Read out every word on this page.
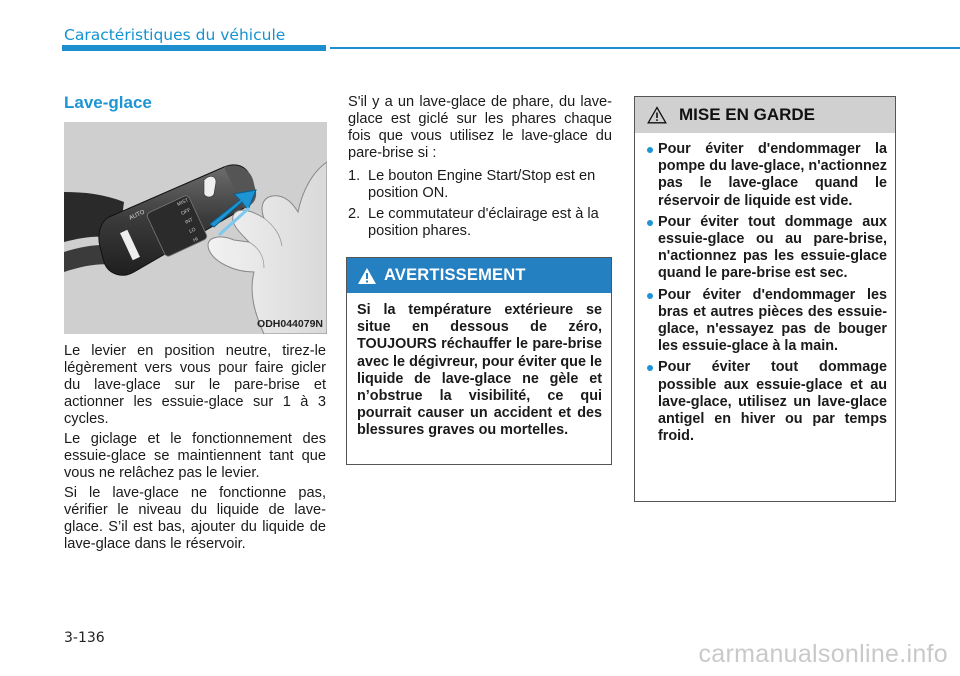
Caractéristiques du véhicule
Lave-glace
AUTO
MIST
OFF
INT
LO
HI
ODH044079N
Le levier en position neutre, tirez-le légèrement vers vous pour faire gicler du lave-glace sur le pare-brise et actionner les essuie-glace sur 1 à 3 cycles.
Le giclage et le fonctionnement des essuie-glace se maintiennent tant que vous ne relâchez pas le levier.
Si le lave-glace ne fonctionne pas, vérifier le niveau du liquide de lave-glace. S’il est bas, ajouter du liquide de lave-glace dans le réservoir.
S'il y a un lave-glace de phare, du lave-glace est giclé sur les phares chaque fois que vous utilisez le lave-glace du pare-brise si :
1. Le bouton Engine Start/Stop est en position ON.
2. Le commutateur d'éclairage est à la position phares.
AVERTISSEMENT
Si la température extérieure se situe en dessous de zéro, TOUJOURS réchauffer le pare-brise avec le dégivreur, pour éviter que le liquide de lave-glace ne gèle et n’obstrue la visibilité, ce qui pourrait causer un accident et des blessures graves ou mortelles.
MISE EN GARDE
Pour éviter d'endommager la pompe du lave-glace, n'actionnez pas le lave-glace quand le réservoir de liquide est vide.
Pour éviter tout dommage aux essuie-glace ou au pare-brise, n'actionnez pas les essuie-glace quand le pare-brise est sec.
Pour éviter d'endommager les bras et autres pièces des essuie-glace, n'essayez pas de bouger les essuie-glace à la main.
Pour éviter tout dommage possible aux essuie-glace et au lave-glace, utilisez un lave-glace antigel en hiver ou par temps froid.
3-136
carmanualsonline.info
